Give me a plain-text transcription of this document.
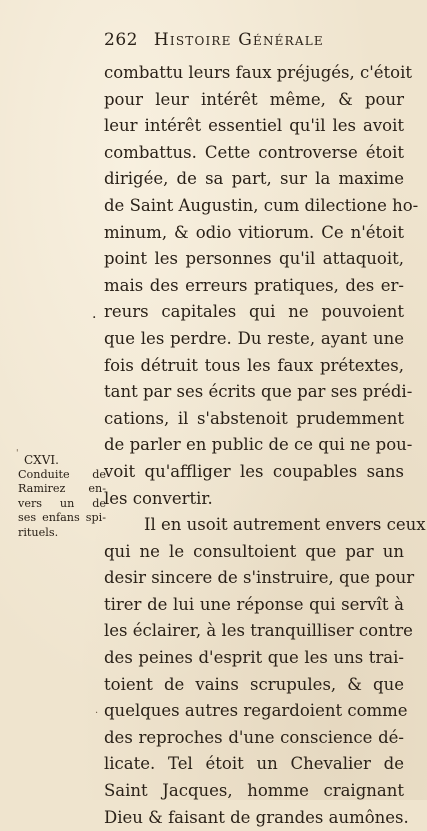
262 Histoire Générale
combattu leurs faux préjugés, c'étoit
pour leur intérêt même, & pour
leur intérêt essentiel qu'il les avoit
combattus. Cette controverse étoit
dirigée, de sa part, sur la maxime
de Saint Augustin, cum dilectione ho-
minum, & odio vitiorum. Ce n'étoit
point les personnes qu'il attaquoit,
mais des erreurs pratiques, des er-
reurs capitales qui ne pouvoient
que les perdre. Du reste, ayant une
fois détruit tous les faux prétextes,
tant par ses écrits que par ses prédi-
cations, il s'abstenoit prudemment
de parler en public de ce qui ne pou-
voit qu'affliger les coupables sans
les convertir.
Il en usoit autrement envers ceux
qui ne le consultoient que par un
desir sincere de s'instruire, que pour
tirer de lui une réponse qui servît à
les éclairer, à les tranquilliser contre
des peines d'esprit que les uns trai-
toient de vains scrupules, & que
quelques autres regardoient comme
des reproches d'une conscience dé-
licate. Tel étoit un Chevalier de
Saint Jacques, homme craignant
Dieu & faisant de grandes aumônes.
CXVI.
Conduite de
Ramirez en-
vers un de
ses enfans spi-
rituels.
.
'
·
